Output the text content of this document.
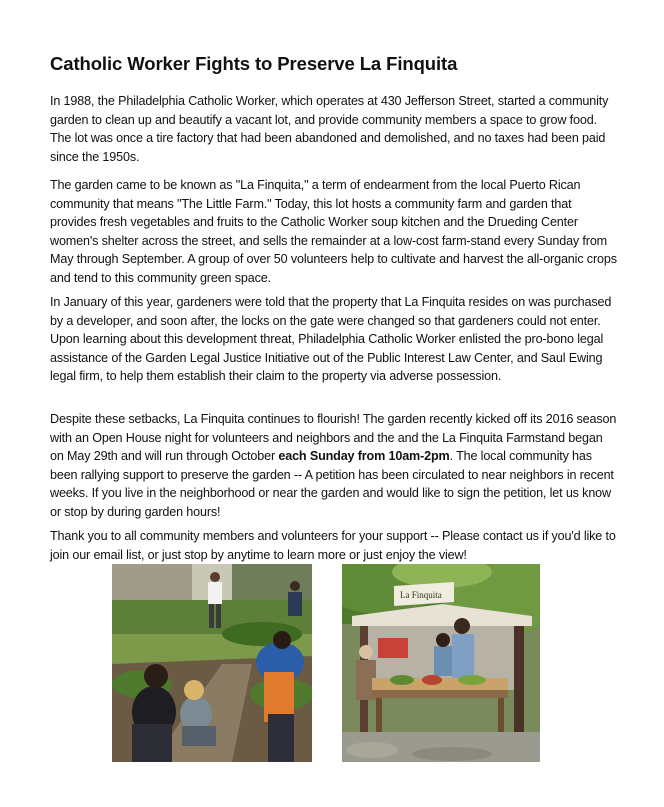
Catholic Worker Fights to Preserve La Finquita

In 1988, the Philadelphia Catholic Worker, which operates at 430 Jefferson Street, started a community garden to clean up and beautify a vacant lot, and provide community members a space to grow food. The lot was once a tire factory that had been abandoned and demolished, and no taxes had been paid since the 1950s.

The garden came to be known as "La Finquita," a term of endearment from the local Puerto Rican community that means "The Little Farm." Today, this lot hosts a community farm and garden that provides fresh vegetables and fruits to the Catholic Worker soup kitchen and the Drueding Center women's shelter across the street, and sells the remainder at a low-cost farm-stand every Sunday from May through September. A group of over 50 volunteers help to cultivate and harvest the all-organic crops and tend to this community green space.

In January of this year, gardeners were told that the property that La Finquita resides on was purchased by a developer, and soon after, the locks on the gate were changed so that gardeners could not enter. Upon learning about this development threat, Philadelphia Catholic Worker enlisted the pro-bono legal assistance of the Garden Legal Justice Initiative out of the Public Interest Law Center, and Saul Ewing legal firm, to help them establish their claim to the property via adverse possession.

Despite these setbacks, La Finquita continues to flourish! The garden recently kicked off its 2016 season with an Open House night for volunteers and neighbors and the and the La Finquita Farmstand began on May 29th and will run through October each Sunday from 10am-2pm. The local community has been rallying support to preserve the garden -- A petition has been circulated to near neighbors in recent weeks. If you live in the neighborhood or near the garden and would like to sign the petition, let us know or stop by during garden hours!

Thank you to all community members and volunteers for your support -- Please contact us if you'd like to join our email list, or just stop by anytime to learn more or just enjoy the view!

La Finquita
